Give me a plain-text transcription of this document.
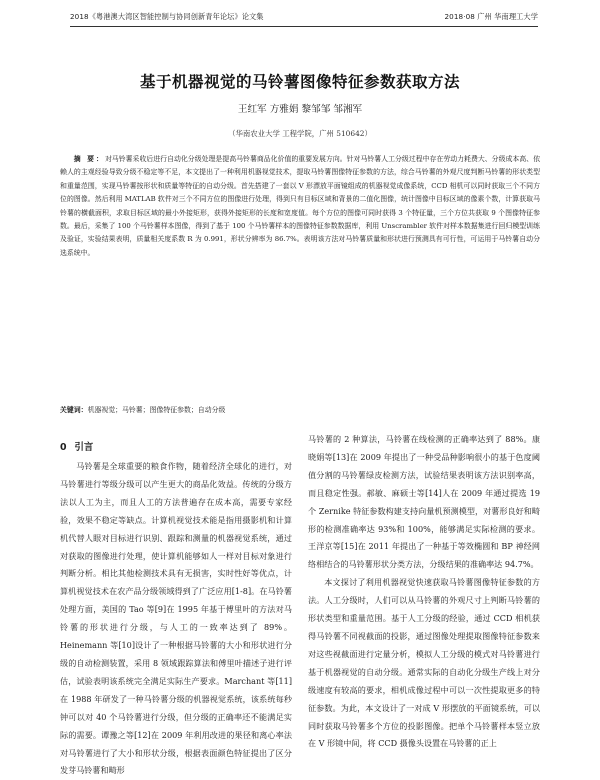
2018《粤港澳大湾区智能控制与协同创新青年论坛》论文集	2018·08 广州 华南理工大学
基于机器视觉的马铃薯图像特征参数获取方法
王红军 方雅娟 黎邹邹 邹湘军
（华南农业大学 工程学院，广州 510642）
摘 要：对马铃薯采收后进行自动化分级处理是提高马铃薯商品化价值的重要发展方向。针对马铃薯人工分级过程中存在劳动力耗费大、分级成本高、依赖人的主观经验导致分级不稳定等不足，本文提出了一种利用机器视觉技术，提取马铃薯图像特征参数的方法，综合马铃薯的外观尺度判断马铃薯的形状类型和重量范围，实现马铃薯按形状和质量等特征的自动分级。首先搭建了一套以 V 形漂放平面镜组成的机器视觉成像系统，CCD 相机可以同时获取三个不同方位的图像。然后利用 MATLAB 软件对三个不同方位的图像进行处理，得到只有目标区域和背景的二值化图像，统计图像中目标区域的像素个数，计算获取马铃薯的横截面积，求取目标区域的最小外接矩形，获得外接矩形的长度和宽度值。每个方位的图像可同时获得 3 个特征量，三个方位共获取 9 个图像特征参数。最后，采集了 100 个马铃薯样本图像，得到了基于 100 个马铃薯样本的图像特征参数数据库，利用 Unscrambler 软件对样本数据集进行回归模型训练及验证，实验结果表明，质量相关度系数 R 为 0.991，形状分辨率为 86.7%。表明该方法对马铃薯质量和形状进行预测具有可行性，可运用于马铃薯自动分选系统中。
关键词：机器视觉；马铃薯；图像特征参数；自动分级
0 引言

马铃薯是全球重要的粮食作物，随着经济全球化的进行，对马铃薯进行等级分级可以产生更大的商品化效益。传统的分级方法以人工为主，而且人工的方法普遍存在成本高，需要专家经验，效果不稳定等缺点。计算机视觉技术能是指用摄影机和计算机代替人眼对目标进行识别、跟踪和测量的机器视觉系统，通过对获取的图像进行处理，使计算机能够如人一样对目标对象进行判断分析。相比其他检测技术具有无损害，实时性好等优点，计算机视觉技术在农产品分级领域得到了广泛应用[1-8]。在马铃薯处理方面，美国的 Tao 等[9]在 1995 年基于傅里叶的方法对马铃薯的形状进行分级，与人工的一致率达到了 89%。Heinemann 等[10]设计了一种根据马铃薯的大小和形状进行分级的自动检测装置，采用 8 领域跟踪算法和傅里叶描述子进行评估，试验表明该系统完全满足实际生产要求。Marchant 等[11]在 1988 年研发了一种马铃薯分级的机器视觉系统，该系统每秒钟可以对 40 个马铃薯进行分级，但分级的正确率还不能满足实际的需要。谭豫之等[12]在 2009 年利用改进的果径和离心率法对马铃薯进行了大小和形状分级，根据表面颜色特征提出了区分发芽马铃薯和畸形

马铃薯的 2 种算法，马铃薯在线检测的正确率达到了 88%。康晓娟等[13]在 2009 年提出了一种受品种影响很小的基于色度阈值分割的马铃薯绿皮检测方法，试验结果表明该方法识别率高，而且稳定性强。郝敏、麻硕士等[14]人在 2009 年通过提选 19 个 Zernike 特征参数构建支持向量机预测模型，对薯形良好和畸形的检测准确率达 93%和 100%，能够满足实际检测的要求。王洋京等[15]在 2011 年提出了一种基于等效椭圆和 BP 神经网络相结合的马铃薯形状分类方法，分级结果的准确率达 94.7%。

本文探讨了利用机器视觉快速获取马铃薯图像特征参数的方法。人工分级时，人们可以从马铃薯的外观尺寸上判断马铃薯的形状类型和重量范围。基于人工分级的经验，通过 CCD 相机获得马铃薯不同视截面的投影，通过图像处理提取图像特征参数来对这些视截面进行定量分析，模拟人工分级的模式对马铃薯进行基于机器视觉的自动分级。通常实际的自动化分级生产线上对分级速度有较高的要求，相机成像过程中可以一次性提取更多的特征参数。为此，本文设计了一对成 V 形摆放的平面镜系统，可以同时获取马铃薯多个方位的投影图像。把单个马铃薯样本竖立放在 V 形镜中间，将 CCD 摄像头设置在马铃薯的正上
